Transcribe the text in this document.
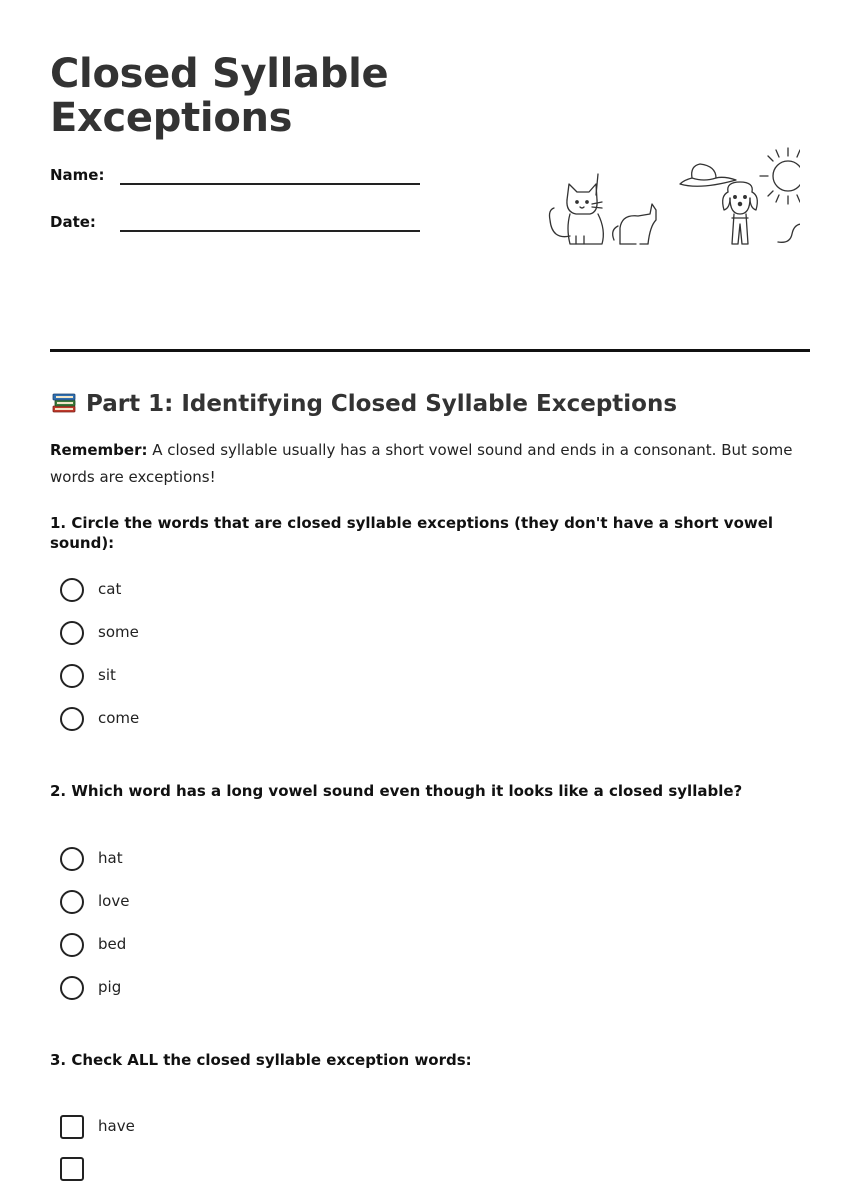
Closed Syllable
Exceptions
Name:
Date:
Part 1: Identifying Closed Syllable Exceptions

Remember: A closed syllable usually has a short vowel sound and ends in a consonant. But some words are exceptions!

1. Circle the words that are closed syllable exceptions (they don't have a short vowel sound):
cat
some
sit
come
2. Which word has a long vowel sound even though it looks like a closed syllable?
hat
love
bed
pig
3. Check ALL the closed syllable exception words:
have
